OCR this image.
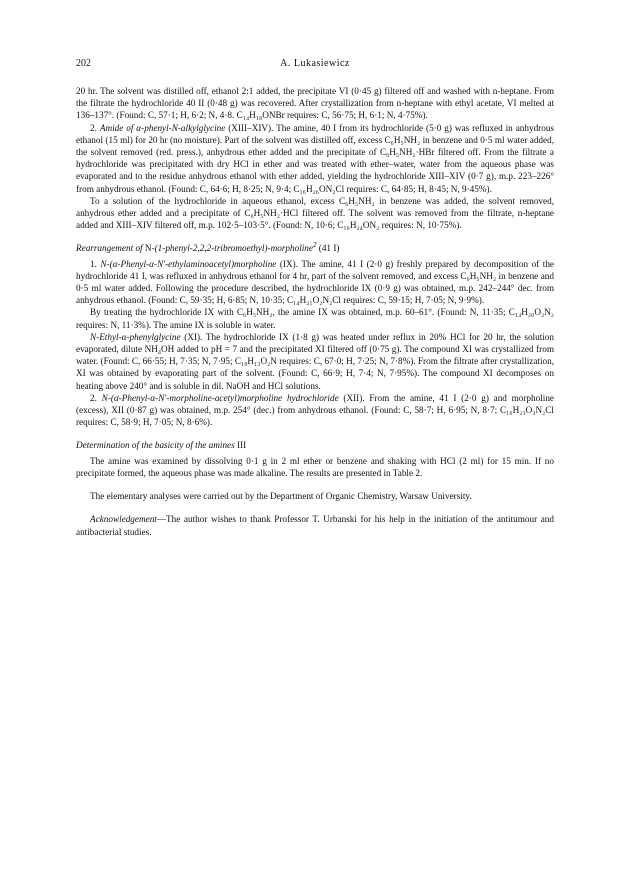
202	A. Lukasiewicz

20 hr. The solvent was distilled off, ethanol 2:1 added, the precipitate VI (0·45 g) filtered off and washed with n-heptane. From the filtrate the hydrochloride 40 II (0·48 g) was recovered. After crystallization from n-heptane with ethyl acetate, VI melted at 136–137°. (Found: C, 57·1; H, 6·2; N, 4·8. C₁₄H₁₈ONBr requires: C, 56·75; H, 6·1; N, 4·75%).

2. Amide of α-phenyl-N-alkylglycine (XIII–XIV). The amine, 40 I from its hydrochloride (5·0 g) was refluxed in anhydrous ethanol (15 ml) for 20 hr (no moisture). Part of the solvent was distilled off, excess C₆H₅NH₂ in benzene and 0·5 ml water added, the solvent removed (red. press.), anhydrous ether added and the precipitate of C₆H₅NH₂·HBr filtered off. From the filtrate a hydrochloride was precipitated with dry HCl in ether and was treated with ether–water, water from the aqueous phase was evaporated and to the residue anhydrous ethanol with ether added, yielding the hydrochloride XIII–XIV (0·7 g), m.p. 223–226° from anhydrous ethanol. (Found: C, 64·6; H, 8·25; N, 9·4; C₁₆H₂₆ON₂Cl requires: C, 64·85; H, 8·45; N, 9·45%).

To a solution of the hydrochloride in aqueous ethanol, excess C₆H₅NH₂ in benzene was added, the solvent removed, anhydrous ether added and a precipitate of C₆H₅NH₂·HCl filtered off. The solvent was removed from the filtrate, n-heptane added and XIII–XIV filtered off, m.p. 102·5–103·5°. (Found: N, 10·6; C₁₆H₂₄ON₂ requires: N, 10·75%).

Rearrangement of N-(1-phenyl-2,2,2-tribromoethyl)-morpholine$^2$ (41 I)

1. N-(α-Phenyl-α-N′-ethylaminoacetyl)morpholine (IX). The amine, 41 I (2·0 g) freshly prepared by decomposition of the hydrochloride 41 I, was refluxed in anhydrous ethanol for 4 hr, part of the solvent removed, and excess C₆H₅NH₂ in benzene and 0·5 ml water added. Following the procedure described, the hydrochloride IX (0·9 g) was obtained, m.p. 242–244° dec. from anhydrous ethanol. (Found: C, 59·35; H, 6·85; N, 10·35; C₁₄H₂₁O₂N₂Cl requires: C, 59·15; H, 7·05; N, 9·9%).

By treating the hydrochloride IX with C₆H₅NH₂, the amine IX was obtained, m.p. 60–61°. (Found: N, 11·35; C₁₄H₂₀O₂N₂ requires: N, 11·3%). The amine IX is soluble in water.

N-Ethyl-α-phenylglycine (XI). The hydrochloride IX (1·8 g) was heated under reflux in 20% HCl for 20 hr, the solution evaporated, dilute NH₄OH added to pH = 7 and the precipitated XI filtered off (0·75 g). The compound XI was crystallized from water. (Found: C, 66·55; H, 7·35; N, 7·95; C₁₀H₁₃O₂N requires: C, 67·0; H, 7·25; N, 7·8%). From the filtrate after crystallization, XI was obtained by evaporating part of the solvent. (Found: C, 66·9; H, 7·4; N, 7·95%). The compound XI decomposes on heating above 240° and is soluble in dil. NaOH and HCl solutions.

2. N-(α-Phenyl-α-N′-morpholine-acetyl)morpholine hydrochloride (XII). From the amine, 41 I (2·0 g) and morpholine (excess), XII (0·87 g) was obtained, m.p. 254° (dec.) from anhydrous ethanol. (Found: C, 58·7; H, 6·95; N, 8·7; C₁₆H₂₃O₃N₂Cl requires: C, 58·9; H, 7·05; N, 8·6%).

Determination of the basicity of the amines III

The amine was examined by dissolving 0·1 g in 2 ml ether or benzene and shaking with HCl (2 ml) for 15 min. If no precipitate formed, the aqueous phase was made alkaline. The results are presented in Table 2.

The elementary analyses were carried out by the Department of Organic Chemistry, Warsaw University.

Acknowledgement—The author wishes to thank Professor T. Urbanski for his help in the initiation of the antitumour and antibacterial studies.
